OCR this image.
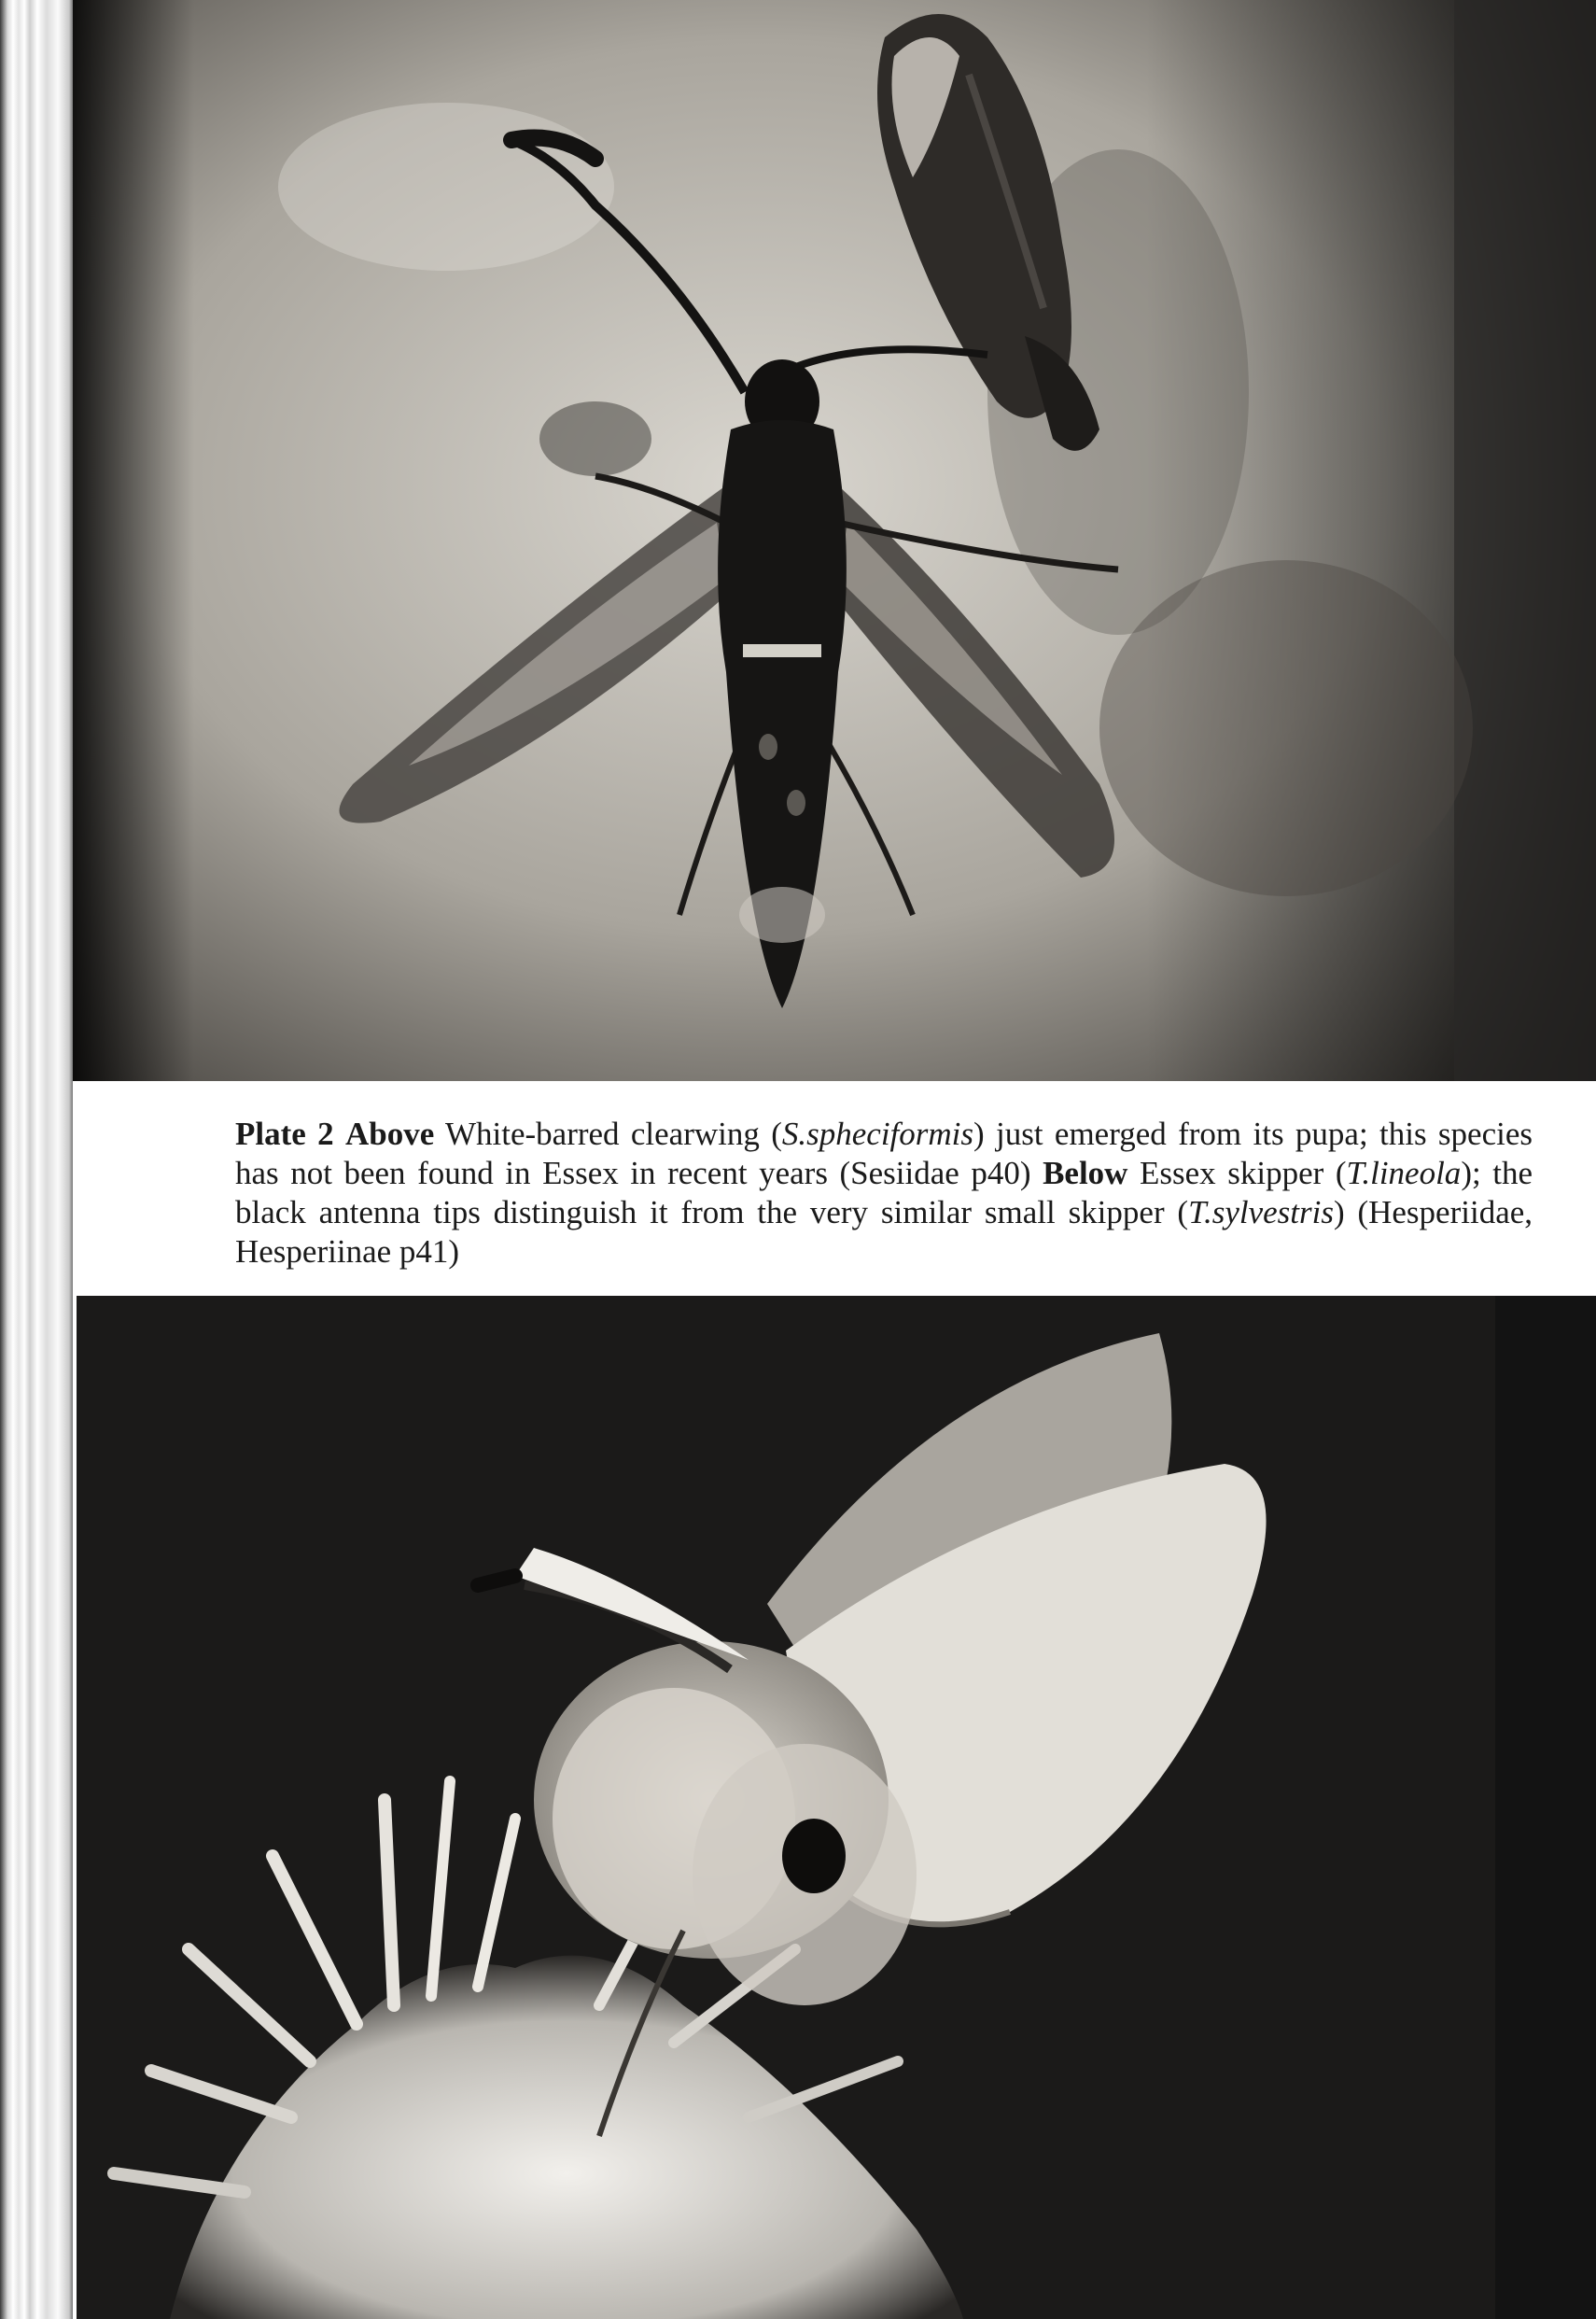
Plate 2 Above White-barred clearwing (S.spheciformis) just emerged from its pupa; this species has not been found in Essex in recent years (Sesiidae p40) Below Essex skipper (T.lineola); the black antenna tips distinguish it from the very similar small skipper (T.sylvestris) (Hesperiidae, Hesperiinae p41)
